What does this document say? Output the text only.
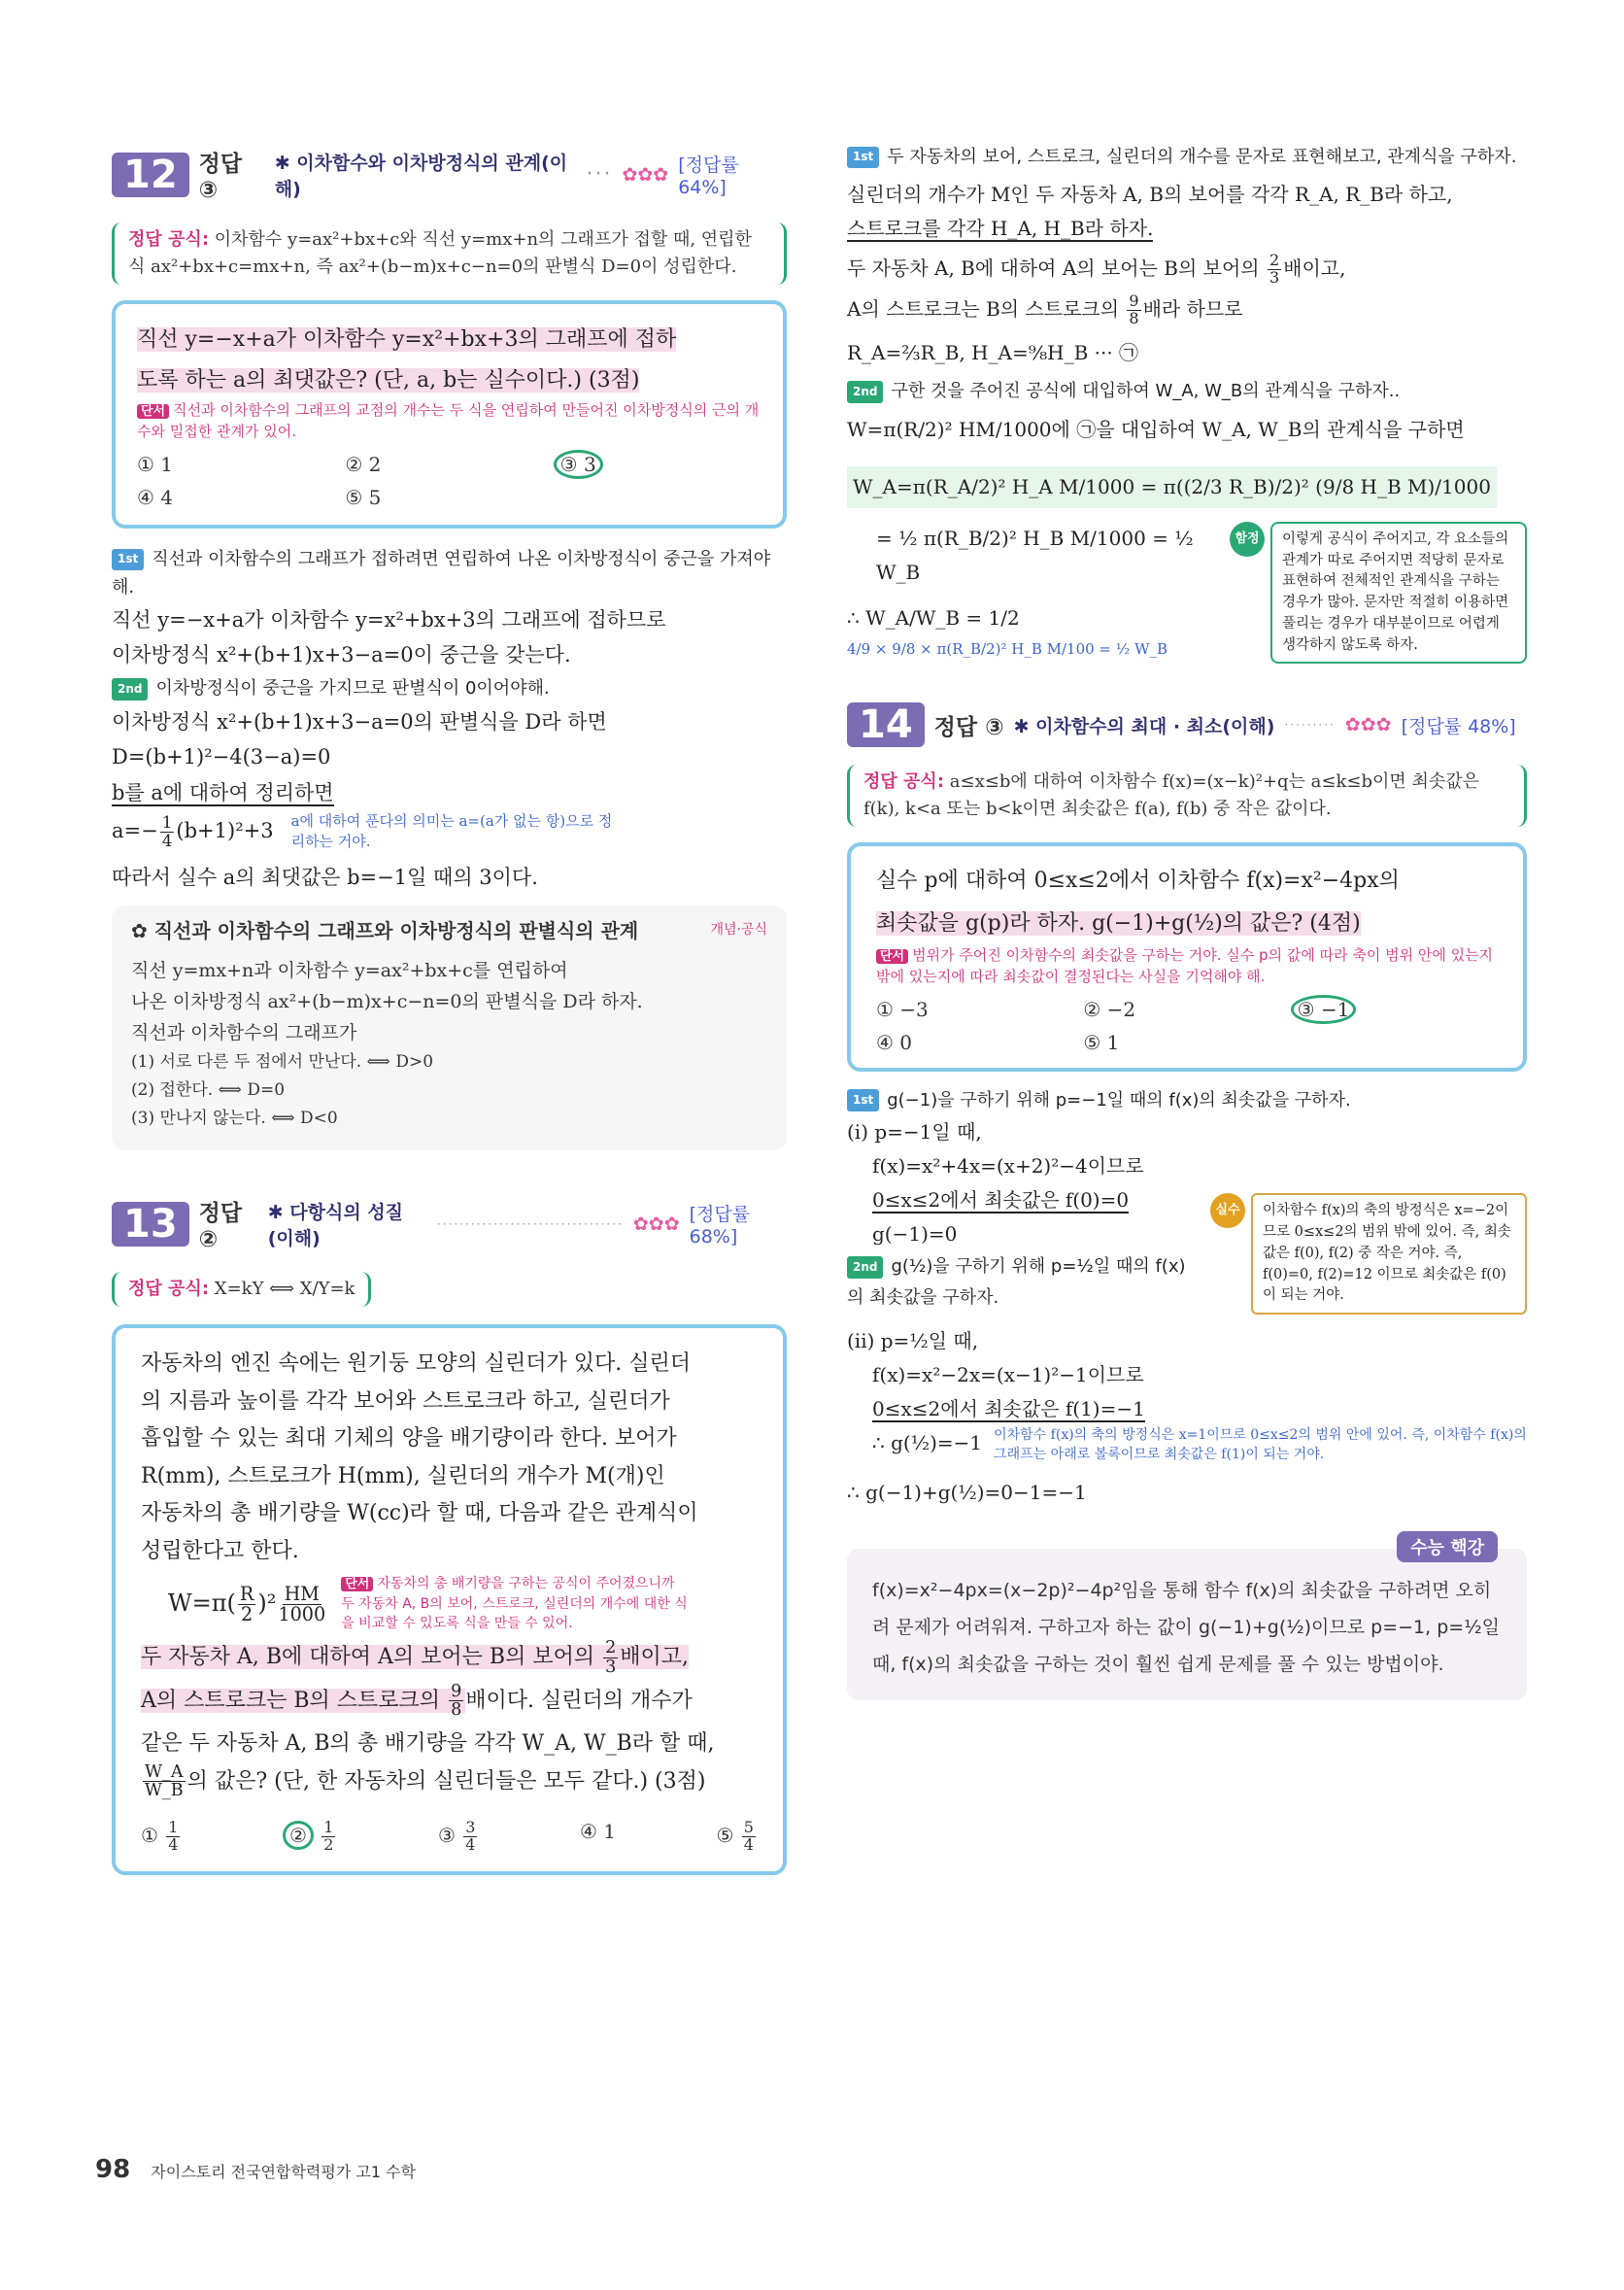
12 정답 ③
✱ 이차함수와 이차방정식의 관계(이해)
··· ✿✿✿ [정답률 64%]
정답 공식: 이차함수 y=ax²+bx+c와 직선 y=mx+n의 그래프가 접할 때, 연립한 식 ax²+bx+c=mx+n, 즉 ax²+(b−m)x+c−n=0의 판별식 D=0이 성립한다.
직선 y=−x+a가 이차함수 y=x²+bx+3의 그래프에 접하
도록 하는 a의 최댓값은? (단, a, b는 실수이다.) (3점)
단서 직선과 이차함수의 그래프의 교점의 개수는 두 식을 연립하여 만들어진 이차방정식의 근의 개수와 밀접한 관계가 있어.
① 1	② 2	③ 3
④ 4	⑤ 5
1st 직선과 이차함수의 그래프가 접하려면 연립하여 나온 이차방정식이 중근을 가져야 해.
직선 y=−x+a가 이차함수 y=x²+bx+3의 그래프에 접하므로
이차방정식 x²+(b+1)x+3−a=0이 중근을 갖는다.
2nd 이차방정식이 중근을 가지므로 판별식이 0이어야해.
이차방정식 x²+(b+1)x+3−a=0의 판별식을 D라 하면
D=(b+1)²−4(3−a)=0
b를 a에 대하여 정리하면
$a=- \frac{1}{4} (b+1)^2+3$ a에 대하여 푼다의 의미는 a=(a가 없는 항)으로 정리하는 거야.
따라서 실수 a의 최댓값은 b=−1일 때의 3이다.
✿ 직선과 이차함수의 그래프와 이차방정식의 판별식의 관계	개념·공식
직선 y=mx+n과 이차함수 y=ax²+bx+c를 연립하여
나온 이차방정식 ax²+(b−m)x+c−n=0의 판별식을 D라 하자.
직선과 이차함수의 그래프가
(1) 서로 다른 두 점에서 만난다. ⟺ D>0
(2) 접한다. ⟺ D=0
(3) 만나지 않는다. ⟺ D<0
13 정답 ②
✱ 다항식의 성질(이해)
································· ✿✿✿ [정답률 68%]
정답 공식: X=kY ⟺ X/Y=k
자동차의 엔진 속에는 원기둥 모양의 실린더가 있다. 실린더
의 지름과 높이를 각각 보어와 스트로크라 하고, 실린더가
흡입할 수 있는 최대 기체의 양을 배기량이라 한다. 보어가
R(mm), 스트로크가 H(mm), 실린더의 개수가 M(개)인
자동차의 총 배기량을 W(cc)라 할 때, 다음과 같은 관계식이
성립한다고 한다.
$W=\pi( \frac{R}{2} )^2 \frac{HM}{1000}$
단서 자동차의 총 배기량을 구하는 공식이 주어졌으니까 두 자동차 A, B의 보어, 스트로크, 실린더의 개수에 대한 식을 비교할 수 있도록 식을 만들 수 있어.
두 자동차 A, B에 대하여 A의 보어는 B의 보어의 $\frac{2}{3}$ 배이고,
A의 스트로크는 B의 스트로크의 $\frac{9}{8}$ 배이다. 실린더의 개수가
같은 두 자동차 A, B의 총 배기량을 각각 W_A, W_B라 할 때,
$\frac{W\_A}{W\_B}$ 의 값은? (단, 한 자동차의 실린더들은 모두 같다.) (3점)
① $\frac{1}{4}$	② $\frac{1}{2}$	③ $\frac{3}{4}$	④ 1	⑤ $\frac{5}{4}$
98 자이스토리 전국연합학력평가 고1 수학
1st 두 자동차의 보어, 스트로크, 실린더의 개수를 문자로 표현해보고, 관계식을 구하자.
실린더의 개수가 M인 두 자동차 A, B의 보어를 각각 R_A, R_B라 하고,
스트로크를 각각 H_A, H_B라 하자.
두 자동차 A, B에 대하여 A의 보어는 B의 보어의 $\frac{2}{3}$ 배이고,
A의 스트로크는 B의 스트로크의 $\frac{9}{8}$ 배라 하므로
R_A=⅔R_B, H_A=⁹⁄₈H_B ··· ㉠
2nd 구한 것을 주어진 공식에 대입하여 W_A, W_B의 관계식을 구하자..
W=π(R/2)² HM/1000에 ㉠을 대입하여 W_A, W_B의 관계식을 구하면
W_A=π(R_A/2)² H_A M/1000 = π((2/3 R_B)/2)² (9/8 H_B M)/1000
= ½ π(R_B/2)² H_B M/1000 = ½ W_B
∴ W_A/W_B = 1/2
4/9 × 9/8 × π(R_B/2)² H_B M/100 = ½ W_B
함정	이렇게 공식이 주어지고, 각 요소들의 관계가 따로 주어지면 적당히 문자로 표현하여 전체적인 관계식을 구하는 경우가 많아. 문자만 적절히 이용하면 풀리는 경우가 대부분이므로 어렵게 생각하지 않도록 하자.
14 정답 ③ ✱ 이차함수의 최대 · 최소(이해) ········· ✿✿✿ [정답률 48%]
정답 공식: a≤x≤b에 대하여 이차함수 f(x)=(x−k)²+q는 a≤k≤b이면 최솟값은 f(k), k<a 또는 b<k이면 최솟값은 f(a), f(b) 중 작은 값이다.
실수 p에 대하여 0≤x≤2에서 이차함수 f(x)=x²−4px의
최솟값을 g(p)라 하자. g(−1)+g(½)의 값은? (4점)
단서 범위가 주어진 이차함수의 최솟값을 구하는 거야. 실수 p의 값에 따라 축이 범위 안에 있는지 밖에 있는지에 따라 최솟값이 결정된다는 사실을 기억해야 해.
① −3	② −2	③ −1
④ 0	⑤ 1
1st g(−1)을 구하기 위해 p=−1일 때의 f(x)의 최솟값을 구하자.
(i) p=−1일 때,
f(x)=x²+4x=(x+2)²−4이므로
0≤x≤2에서 최솟값은 f(0)=0
g(−1)=0
2nd g(½)을 구하기 위해 p=½일 때의 f(x)의 최솟값을 구하자.
실수	이차함수 f(x)의 축의 방정식은 x=−2이므로 0≤x≤2의 범위 밖에 있어. 즉, 최솟값은 f(0), f(2) 중 작은 거야. 즉, f(0)=0, f(2)=12 이므로 최솟값은 f(0)이 되는 거야.
(ii) p=½일 때,
f(x)=x²−2x=(x−1)²−1이므로
0≤x≤2에서 최솟값은 f(1)=−1
∴ g(½)=−1 이차함수 f(x)의 축의 방정식은 x=1이므로 0≤x≤2의 범위 안에 있어. 즉, 이차함수 f(x)의 그래프는 아래로 볼록이므로 최솟값은 f(1)이 되는 거야.
∴ g(−1)+g(½)=0−1=−1
수능 핵강
f(x)=x²−4px=(x−2p)²−4p²임을 통해 함수 f(x)의 최솟값을 구하려면 오히려 문제가 어려워져. 구하고자 하는 값이 g(−1)+g(½)이므로 p=−1, p=½일 때, f(x)의 최솟값을 구하는 것이 훨씬 쉽게 문제를 풀 수 있는 방법이야.
